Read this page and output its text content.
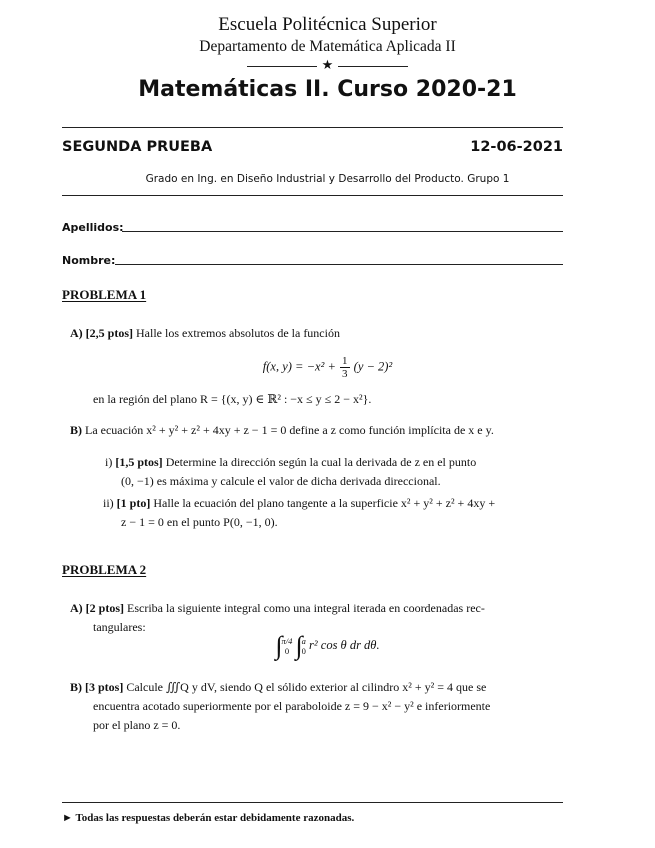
Escuela Politécnica Superior
Departamento de Matemática Aplicada II
★
Matemáticas II. Curso 2020-21
SEGUNDA PRUEBA	12-06-2021
Grado en Ing. en Diseño Industrial y Desarrollo del Producto. Grupo 1
Apellidos:
Nombre:
PROBLEMA 1
A) [2,5 ptos] Halle los extremos absolutos de la función
f(x, $y) = -x^2 + \frac{1}{3} (y - 2)^2$
en la región del plano R = {(x, y) ∈ ℝ² : −x ≤ y ≤ 2 − x²}.
B) La ecuación x² + y² + z² + 4xy + z − 1 = 0 define a z como función implícita de x e y.
i) [1,5 ptos] Determine la dirección según la cual la derivada de z en el punto
(0, −1) es máxima y calcule el valor de dicha derivada direccional.
ii) [1 pto] Halle la ecuación del plano tangente a la superficie x² + y² + z² + 4xy +
z − 1 = 0 en el punto P(0, −1, 0).
PROBLEMA 2
A) [2 ptos] Escriba la siguiente integral como una integral iterada en coordenadas rec-
tangulares:
∫ π/4
0 ∫ a
0 r² cos θ dr dθ.
B) [3 ptos] Calcule ∭Q y dV, siendo Q el sólido exterior al cilindro x² + y² = 4 que se
encuentra acotado superiormente por el paraboloide z = 9 − x² − y² e inferiormente
por el plano z = 0.
► Todas las respuestas deberán estar debidamente razonadas.
